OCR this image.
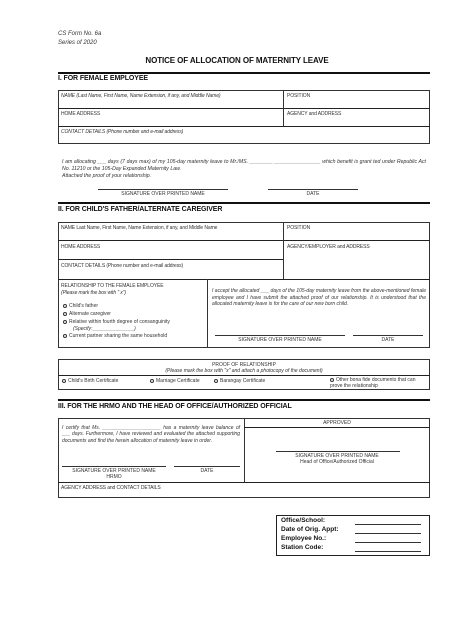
CS Form No. 6a
Series of 2020
NOTICE OF ALLOCATION OF MATERNITY LEAVE
I. FOR FEMALE EMPLOYEE
NAME (Last Name, First Name, Name Extension, if any, and Middle Name)	POSITION
HOME ADDRESS	AGENCY and ADDRESS
CONTACT DETAILS (Phone number and e-mail address)
I am allocating ___ days (7 days max) of my 105-day maternity leave to Mr./MS. ________ ________________ which benefit is grant ted under Republic Act No. 11210 or the 105-Day Expanded Maternity Law.
Attached the proof of your relationship.
SIGNATURE OVER PRINTED NAME	DATE
II. FOR CHILD'S FATHER/ALTERNATE CAREGIVER
NAME Last Name, First Name, Name Extension, if any, and Middle Name	POSITION
HOME ADDRESS	AGENCY/EMPLOYER and ADDRESS
CONTACT DETAILS (Phone number and e-mail address)
RELATIONSHIP TO THE FEMALE EMPLOYEE
(Please mark the box with " x")
Child's father
Alternate caregiver
Relative within fourth degree of consanguinity
(Specify:_______________)
Current partner sharing the same household
I accept the allocated ___ days of the 105-day maternity leave from the above-mentioned female employee and I have submit the attached proof of our relationship. It is understood that the allocated maternity leave is for the care of our new born child.
SIGNATURE OVER PRINTED NAME	DATE
PROOF OF RELATIONSHIP
(Please mark the box with "x" and attach a photocopy of the document)
Child's Birth Certificate	Marriage Certificate	Barangay Certificate	Other bona fide documents that can prove the relationship
III. FOR THE HRMO AND THE HEAD OF OFFICE/AUTHORIZED OFFICIAL
I certify that Ms. _____________________ has a maternity leave balance of ___ days. Furthermore, I have reviewed and evaluated the attached supporting documents and find the herein allocation of maternity leave in order.
SIGNATURE OVER PRINTED NAME
HRMO
DATE
APPROVED
SIGNATURE OVER PRINTED NAME
Head of Office/Authorized Official
AGENCY ADDRESS and CONTACT DETAILS
Office/School:
Date of Orig. Appt:
Employee No.:
Station Code:
